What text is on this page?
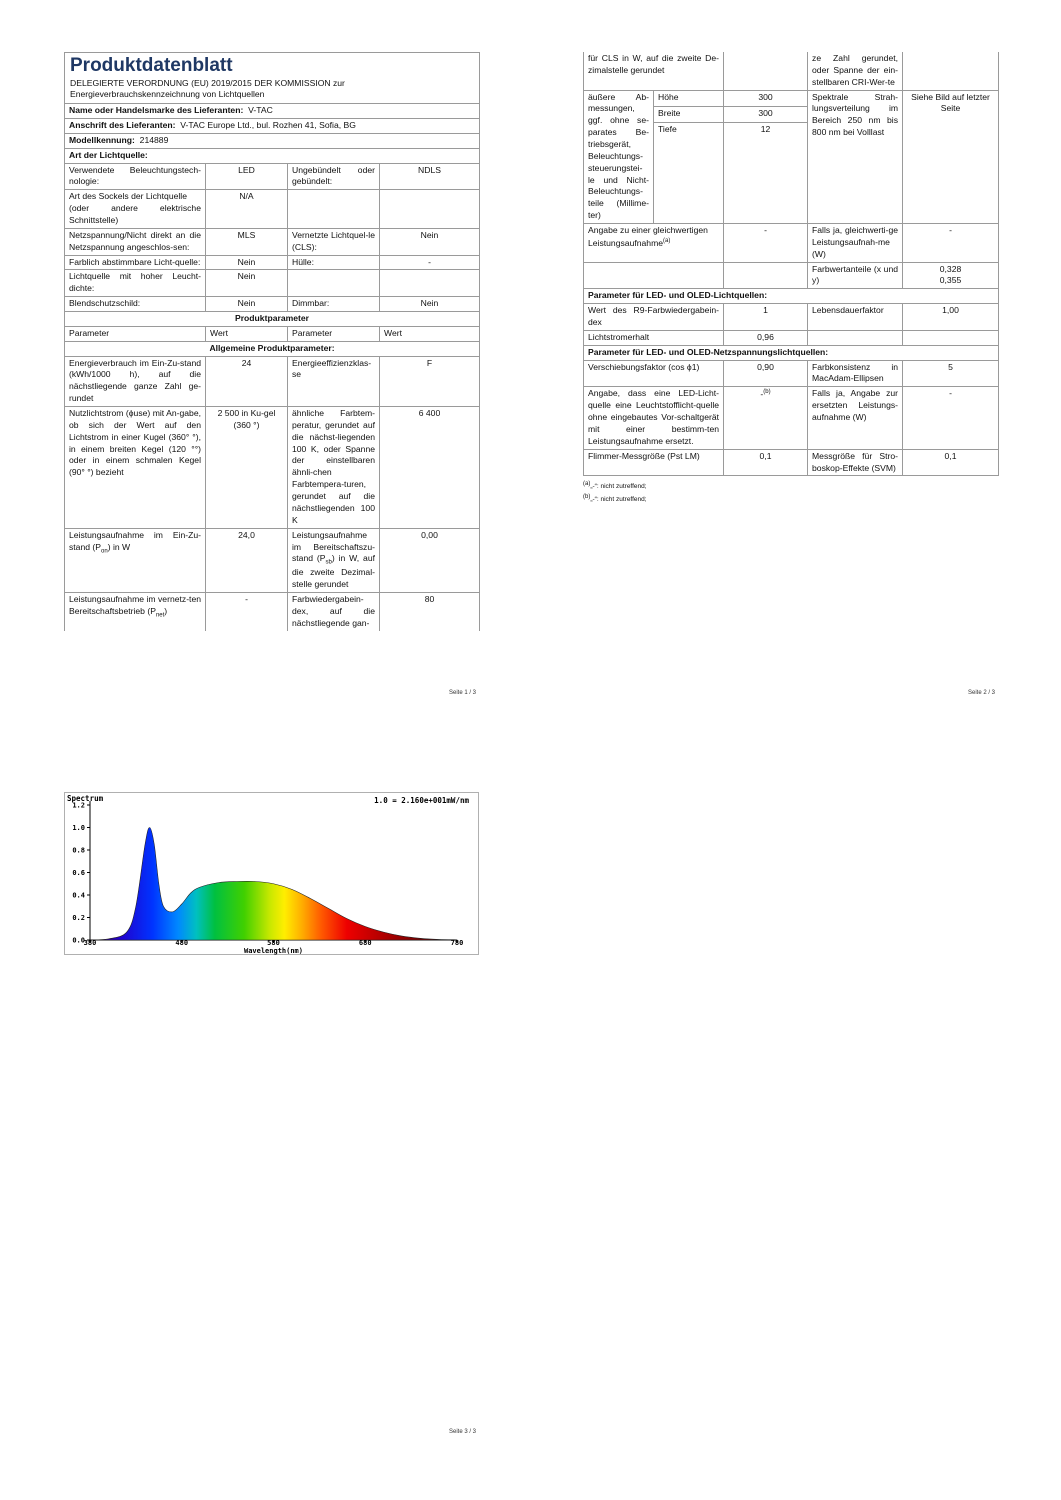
Produktdatenblatt
DELEGIERTE VERORDNUNG (EU) 2019/2015 DER KOMMISSION zur Energieverbrauchskennzeichnung von Lichtquellen			

Name oder Handelsmarke des Lieferanten: V-TAC			
Anschrift des Lieferanten: V-TAC Europe Ltd., bul. Rozhen 41, Sofia, BG			
Modellkennung: 214889			
Art der Lichtquelle:			
Verwendete Beleuchtungstech-nologie:	LED	Ungebündelt oder gebündelt:	NDLS

Art des Sockels der Lichtquelle
(oder andere elektrische Schnittstelle)	N/A		
Netzspannung/Nicht direkt an die Netzspannung angeschlos-sen:	MLS	Vernetzte Lichtquel-le (CLS):	Nein
Farblich abstimmbare Licht-quelle:	Nein	Hülle:	-
Lichtquelle mit hoher Leucht-dichte:	Nein		
Blendschutzschild:	Nein	Dimmbar:	Nein
Produktparameter			
Parameter	Wert	Parameter	Wert
Allgemeine Produktparameter:			
Energieverbrauch im Ein-Zu-stand (kWh/1000 h), auf die nächstliegende ganze Zahl ge-rundet	24	Energieeffizienzklas-se	F
Nutzlichtstrom (ϕuse) mit An-gabe, ob sich der Wert auf den Lichtstrom in einer Kugel (360° °), in einem breiten Kegel (120 °°) oder in einem schmalen Kegel (90° °) bezieht	2 500 in Ku-gel (360 °)	ähnliche Farbtem-peratur, gerundet auf die nächst-liegenden 100 K, oder Spanne der einstellbaren ähnli-chen Farbtempera-turen, gerundet auf die nächstliegenden 100 K	6 400
Leistungsaufnahme im Ein-Zu-stand $(P_{on})$ in W	24,0	Leistungsaufnahme im Bereitschaftszu-stand $(P_{sb})$ in W, auf die zweite Dezimal-stelle gerundet	0,00
Leistungsaufnahme im vernetz-ten Bereitschaftsbetrieb $(P_{net})$	-	Farbwiedergabein-dex, auf die nächstliegende gan-	80
Seite 1 / 3
für CLS in W, auf die zweite De-zimalstelle gerundet			ze Zahl gerundet, oder Spanne der ein-stellbaren CRI-Wer-te	
äußere Ab-messungen, ggf. ohne se-parates Be-triebsgerät, Beleuchtungs-steuerungstei-le und Nicht-Beleuchtungs-teile (Millime-ter)	Höhe	300	Spektrale Strah-lungsverteilung im Bereich 250 nm bis 800 nm bei Volllast	Siehe Bild auf letzter Seite
	Breite	300		
	Tiefe	12		
Angabe zu einer gleichwertigen Leistungsaufnahme$^{(a)}$		-	Falls ja, gleichwerti-ge Leistungsaufnah-me (W)	-
			Farbwertanteile (x und y)	0,328
0,355

Parameter für LED- und OLED-Lichtquellen:				
Wert des R9-Farbwiedergabein-dex		1	Lebensdauerfaktor	1,00
Lichtstromerhalt		0,96		
Parameter für LED- und OLED-Netzspannungslichtquellen:				
Verschiebungsfaktor (cos ϕ1)		0,90	Farbkonsistenz in MacAdam-Ellipsen	5
Angabe, dass eine LED-Licht-quelle eine Leuchtstofflicht-quelle ohne eingebautes Vor-schaltgerät mit einer bestimm-ten Leistungsaufnahme ersetzt.		-$^{(b)}$	Falls ja, Angabe zur ersetzten Leistungs-aufnahme (W)	-
Flimmer-Messgröße (Pst LM)		0,1	Messgröße für Stro-boskop-Effekte (SVM)	0,1
$^{(a)}$„-“: nicht zutreffend;
$^{(b)}$„-“: nicht zutreffend;
Seite 2 / 3
0.0
0.2
0.4
0.6
0.8
1.0
1.2
380	480	580	680	780
Spectrum	1.0 = 2.160e+001mW/nm
Wavelength(nm)
Seite 3 / 3
